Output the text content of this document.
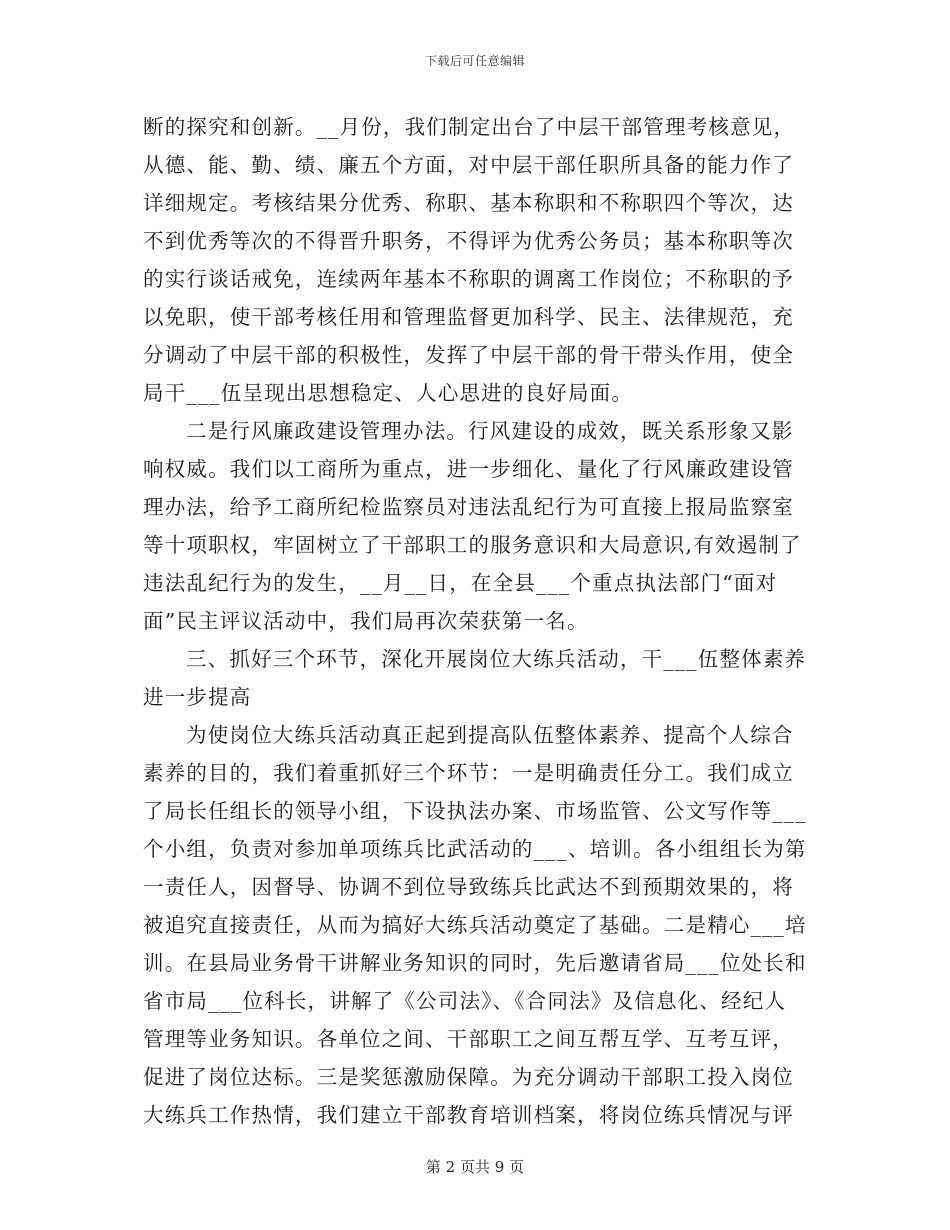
下载后可任意编辑
断的探究和创新。__月份，我们制定出台了中层干部管理考核意见，
从德、能、勤、绩、廉五个方面，对中层干部任职所具备的能力作了
详细规定。考核结果分优秀、称职、基本称职和不称职四个等次，达
不到优秀等次的不得晋升职务，不得评为优秀公务员；基本称职等次
的实行谈话戒免，连续两年基本不称职的调离工作岗位；不称职的予
以免职，使干部考核任用和管理监督更加科学、民主、法律规范，充
分调动了中层干部的积极性，发挥了中层干部的骨干带头作用，使全
局干___伍呈现出思想稳定、人心思进的良好局面。
二是行风廉政建设管理办法。行风建设的成效，既关系形象又影
响权威。我们以工商所为重点，进一步细化、量化了行风廉政建设管
理办法，给予工商所纪检监察员对违法乱纪行为可直接上报局监察室
等十项职权，牢固树立了干部职工的服务意识和大局意识,有效遏制了
违法乱纪行为的发生，__月__日，在全县___个重点执法部门“面对
面”民主评议活动中，我们局再次荣获第一名。
三、抓好三个环节，深化开展岗位大练兵活动，干___伍整体素养
进一步提高
为使岗位大练兵活动真正起到提高队伍整体素养、提高个人综合
素养的目的，我们着重抓好三个环节：一是明确责任分工。我们成立
了局长任组长的领导小组，下设执法办案、市场监管、公文写作等___
个小组，负责对参加单项练兵比武活动的___、培训。各小组组长为第
一责任人，因督导、协调不到位导致练兵比武达不到预期效果的，将
被追究直接责任，从而为搞好大练兵活动奠定了基础。二是精心___培
训。在县局业务骨干讲解业务知识的同时，先后邀请省局___位处长和
省市局___位科长，讲解了《公司法》、《合同法》及信息化、经纪人
管理等业务知识。各单位之间、干部职工之间互帮互学、互考互评，
促进了岗位达标。三是奖惩激励保障。为充分调动干部职工投入岗位
大练兵工作热情，我们建立干部教育培训档案，将岗位练兵情况与评
第 2 页共 9 页
